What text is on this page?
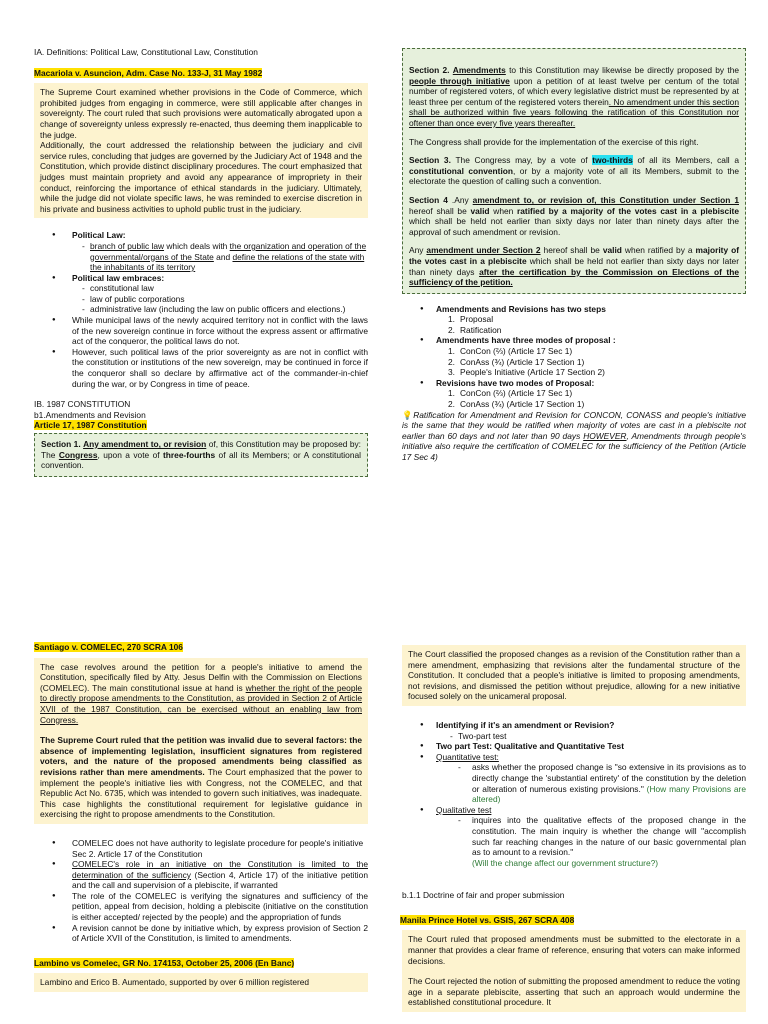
IA. Definitions: Political Law, Constitutional Law, Constitution

Macariola v. Asuncion, Adm. Case No. 133-J, 31 May 1982

The Supreme Court examined whether provisions in the Code of Commerce, which prohibited judges from engaging in commerce, were still applicable after changes in sovereignty. The court ruled that such provisions were automatically abrogated upon a change of sovereignty unless expressly re-enacted, thus deeming them inapplicable to the judge.

Additionally, the court addressed the relationship between the judiciary and civil service rules, concluding that judges are governed by the Judiciary Act of 1948 and the Constitution, which provide distinct disciplinary procedures. The court emphasized that judges must maintain propriety and avoid any appearance of impropriety in their conduct, reinforcing the importance of ethical standards in the judiciary. Ultimately, while the judge did not violate specific laws, he was reminded to exercise discretion in his private and business activities to uphold public trust in the judiciary.

● Political Law:
- branch of public law which deals with the organization and operation of the governmental/organs of the State and define the relations of the state with the inhabitants of its territory
● Political law embraces:
- constitutional law
- law of public corporations
- administrative law (including the law on public officers and elections.)
● While municipal laws of the newly acquired territory not in conflict with the laws of the new sovereign continue in force without the express assent or affirmative act of the conqueror, the political laws do not.
● However, such political laws of the prior sovereignty as are not in conflict with the constitution or institutions of the new sovereign, may be continued in force if the conqueror shall so declare by affirmative act of the commander-in-chief during the war, or by Congress in time of peace.

IB. 1987 CONSTITUTION

b1.Amendments and Revision

Article 17, 1987 Constitution

Section 1. Any amendment to, or revision of, this Constitution may be proposed by: The Congress, upon a vote of three-fourths of all its Members; or A constitutional convention.

Section 2. Amendments to this Constitution may likewise be directly proposed by the people through initiative upon a petition of at least twelve per centum of the total number of registered voters, of which every legislative district must be represented by at least three per centum of the registered voters therein. No amendment under this section shall be authorized within five years following the ratification of this Constitution nor oftener than once every five years thereafter.

The Congress shall provide for the implementation of the exercise of this right.

Section 3. The Congress may, by a vote of two-thirds of all its Members, call a constitutional convention, or by a majority vote of all its Members, submit to the electorate the question of calling such a convention.

Section 4 .Any amendment to, or revision of, this Constitution under Section 1 hereof shall be valid when ratified by a majority of the votes cast in a plebiscite which shall be held not earlier than sixty days nor later than ninety days after the approval of such amendment or revision.

Any amendment under Section 2 hereof shall be valid when ratified by a majority of the votes cast in a plebiscite which shall be held not earlier than sixty days nor later than ninety days after the certification by the Commission on Elections of the sufficiency of the petition.

● Amendments and Revisions has two steps
1. Proposal
2. Ratification
● Amendments have three modes of proposal :
1. ConCon (⅔) (Article 17 Sec 1)
2. ConAss (¾) (Article 17 Section 1)
3. People's Initiative (Article 17 Section 2)
● Revisions have two modes of Proposal:
1. ConCon (⅔) (Article 17 Sec 1)
2. ConAss (¾) (Article 17 Section 1)

💡Ratification for Amendment and Revision for CONCON, CONASS and people's initiative is the same that they would be ratified when majority of votes are cast in a plebiscite not earlier than 60 days and not later than 90 days HOWEVER, Amendments through people's initiative also require the certification of COMELEC for the sufficiency of the Petition (Article 17 Sec 4)

Santiago v. COMELEC, 270 SCRA 106

The case revolves around the petition for a people's initiative to amend the Constitution, specifically filed by Atty. Jesus Delfin with the Commission on Elections (COMELEC). The main constitutional issue at hand is whether the right of the people to directly propose amendments to the Constitution, as provided in Section 2 of Article XVII of the 1987 Constitution, can be exercised without an enabling law from Congress.

The Supreme Court ruled that the petition was invalid due to several factors: the absence of implementing legislation, insufficient signatures from registered voters, and the nature of the proposed amendments being classified as revisions rather than mere amendments. The Court emphasized that the power to implement the people's initiative lies with Congress, not the COMELEC, and that Republic Act No. 6735, which was intended to govern such initiatives, was inadequate. This case highlights the constitutional requirement for legislative guidance in exercising the right to propose amendments to the Constitution.

● COMELEC does not have authority to legislate procedure for people's initiative Sec 2. Article 17 of the Constitution
● COMELEC's role in an initiative on the Constitution is limited to the determination of the sufficiency (Section 4, Article 17) of the initiative petition and the call and supervision of a plebiscite, if warranted
● The role of the COMELEC is verifying the signatures and sufficiency of the petition, appeal from decision, holding a plebiscite (initiative on the constitution is either accepted/ rejected by the people) and the appropriation of funds
● A revision cannot be done by initiative which, by express provision of Section 2 of Article XVII of the Constitution, is limited to amendments.

Lambino vs Comelec, GR No. 174153, October 25, 2006 (En Banc)

Lambino and Erico B. Aumentado, supported by over 6 million registered

The Court classified the proposed changes as a revision of the Constitution rather than a mere amendment, emphasizing that revisions alter the fundamental structure of the Constitution. It concluded that a people's initiative is limited to proposing amendments, not revisions, and dismissed the petition without prejudice, allowing for a new initiative focused solely on the unicameral proposal.

● Identifying if it's an amendment or Revision?
- Two-part test
● Two part Test: Qualitative and Quantitative Test
● Quantitative test:
- asks whether the proposed change is "so extensive in its provisions as to directly change the 'substantial entirety' of the constitution by the deletion or alteration of numerous existing provisions." (How many Provisions are altered)
● Qualitative test
- inquires into the qualitative effects of the proposed change in the constitution. The main inquiry is whether the change will "accomplish such far reaching changes in the nature of our basic governmental plan as to amount to a revision."
(Will the change affect our government structure?)

b.1.1 Doctrine of fair and proper submission

Manila Prince Hotel vs. GSIS, 267 SCRA 408

The Court ruled that proposed amendments must be submitted to the electorate in a manner that provides a clear frame of reference, ensuring that voters can make informed decisions.

The Court rejected the notion of submitting the proposed amendment to reduce the voting age in a separate plebiscite, asserting that such an approach would undermine the established constitutional procedure. It
